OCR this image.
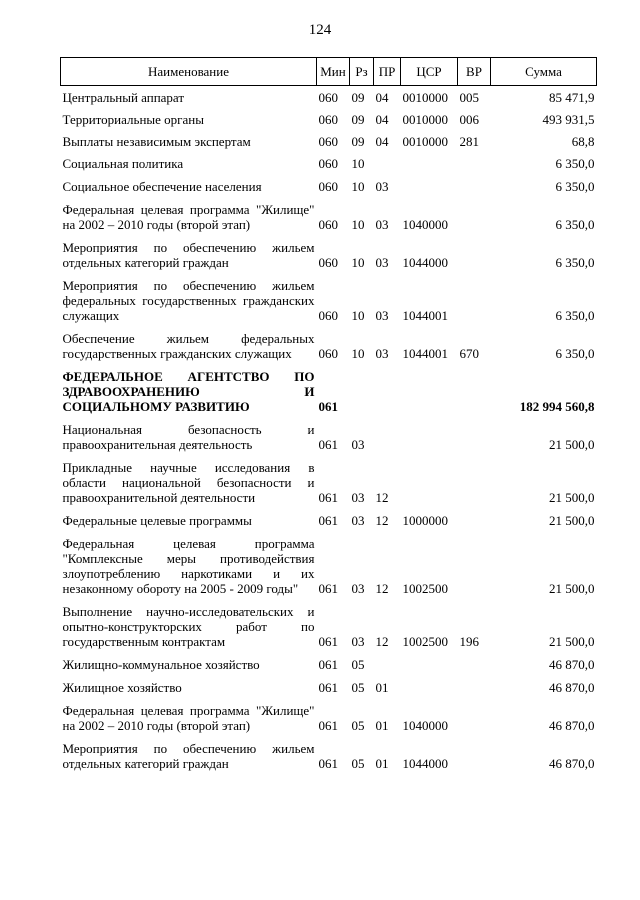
124
Наименование	Мин	Рз	ПР	ЦСР	ВР	Сумма
Центральный аппарат	060	09	04	0010000	005	85 471,9
Территориальные органы	060	09	04	0010000	006	493 931,5
Выплаты независимым экспертам	060	09	04	0010000	281	68,8
Социальная политика	060	10				6 350,0
Социальное обеспечение населения	060	10	03			6 350,0
Федеральная целевая программа "Жилище" на 2002 – 2010 годы (второй этап)	060	10	03	1040000		6 350,0
Мероприятия по обеспечению жильем отдельных категорий граждан	060	10	03	1044000		6 350,0
Мероприятия по обеспечению жильем федеральных государственных гражданских служащих	060	10	03	1044001		6 350,0
Обеспечение жильем федеральных государственных гражданских служащих	060	10	03	1044001	670	6 350,0
ФЕДЕРАЛЬНОЕ АГЕНТСТВО ПО ЗДРАВООХРАНЕНИЮ И СОЦИАЛЬНОМУ РАЗВИТИЮ	061					182 994 560,8
Национальная безопасность и правоохранительная деятельность	061	03				21 500,0
Прикладные научные исследования в области национальной безопасности и правоохранительной деятельности	061	03	12			21 500,0
Федеральные целевые программы	061	03	12	1000000		21 500,0
Федеральная целевая программа "Комплексные меры противодействия злоупотреблению наркотиками и их незаконному обороту на 2005 - 2009 годы"	061	03	12	1002500		21 500,0
Выполнение научно-исследовательских и опытно-конструкторских работ по государственным контрактам	061	03	12	1002500	196	21 500,0
Жилищно-коммунальное хозяйство	061	05				46 870,0
Жилищное хозяйство	061	05	01			46 870,0
Федеральная целевая программа "Жилище" на 2002 – 2010 годы (второй этап)	061	05	01	1040000		46 870,0
Мероприятия по обеспечению жильем отдельных категорий граждан	061	05	01	1044000		46 870,0
